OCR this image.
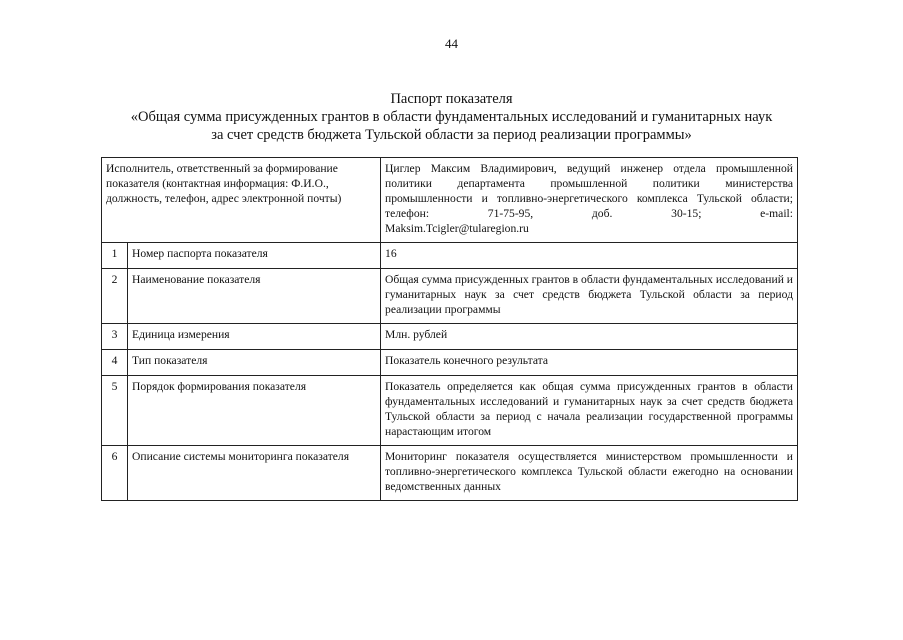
44
Паспорт показателя
«Общая сумма присужденных грантов в области фундаментальных исследований и гуманитарных наук
за счет средств бюджета Тульской области за период реализации программы»
Исполнитель, ответственный за формирование показателя (контактная информация: Ф.И.О., должность, телефон, адрес электронной почты)		Циглер Максим Владимирович, ведущий инженер отдела промышленной политики департамента промышленной политики министерства промышленности и топливно-энергетического комплекса Тульской области; телефон: 71-75-95, доб. 30-15; e-mail:
Maksim.Tcigler@tularegion.ru

1	Номер паспорта показателя	16
2	Наименование показателя	Общая сумма присужденных грантов в области фундаментальных исследований и гуманитарных наук за счет средств бюджета Тульской области за период реализации программы
3	Единица измерения	Млн. рублей
4	Тип показателя	Показатель конечного результата
5	Порядок формирования показателя	Показатель определяется как общая сумма присужденных грантов в области фундаментальных исследований и гуманитарных наук за счет средств бюджета Тульской области за период с начала реализации государственной программы нарастающим итогом
6	Описание системы мониторинга показателя	Мониторинг показателя осуществляется министерством промышленности и топливно-энергетического комплекса Тульской области ежегодно на основании ведомственных данных
